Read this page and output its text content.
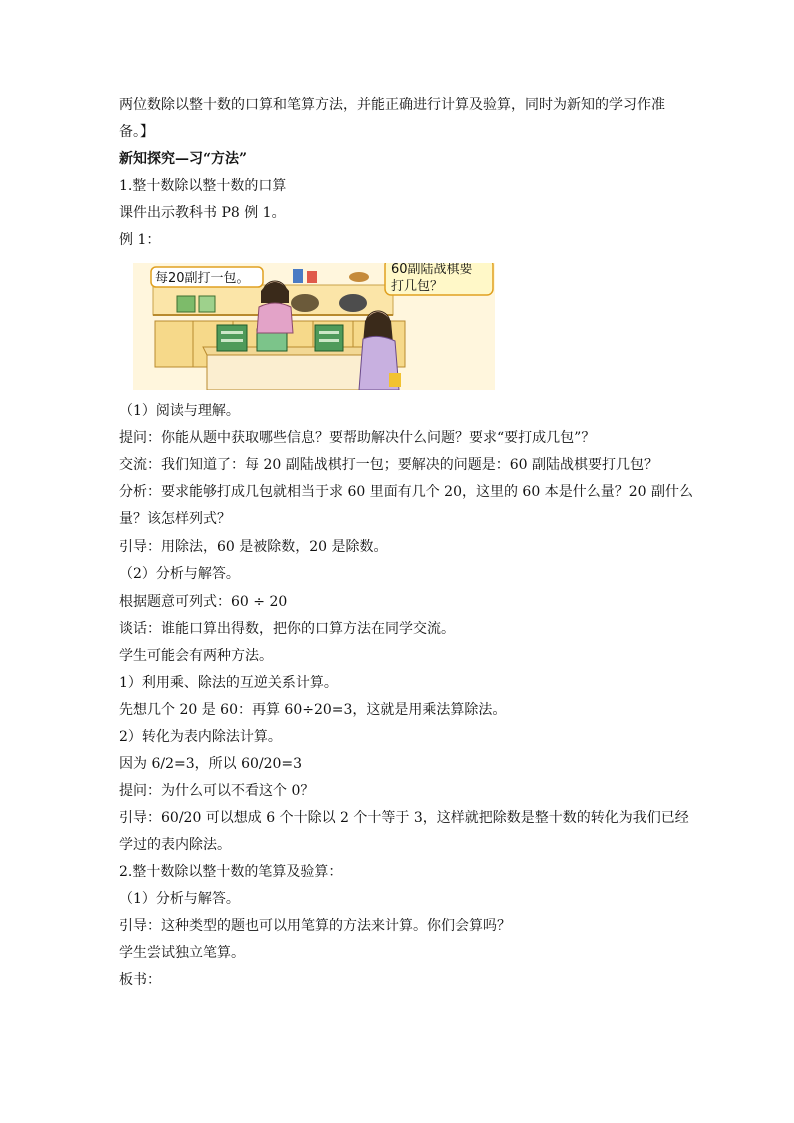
两位数除以整十数的口算和笔算方法，并能正确进行计算及验算，同时为新知的学习作准
备。】
新知探究—习“方法”
1.整十数除以整十数的口算
课件出示教科书 P8 例 1。
例 1：
每20副打一包。
60副陆战棋要
打几包？
（1）阅读与理解。
提问：你能从题中获取哪些信息？要帮助解决什么问题？要求“要打成几包”？
交流：我们知道了：每 20 副陆战棋打一包；要解决的问题是：60 副陆战棋要打几包？
分析：要求能够打成几包就相当于求 60 里面有几个 20，这里的 60 本是什么量？20 副什么
量？该怎样列式？
引导：用除法，60 是被除数，20 是除数。
（2）分析与解答。
根据题意可列式：60 ÷ 20
谈话：谁能口算出得数，把你的口算方法在同学交流。
学生可能会有两种方法。
1）利用乘、除法的互逆关系计算。
先想几个 20 是 60：再算 60÷20=3，这就是用乘法算除法。
2）转化为表内除法计算。
因为 6/2=3，所以 60/20=3
提问：为什么可以不看这个 0？
引导：60/20 可以想成 6 个十除以 2 个十等于 3，这样就把除数是整十数的转化为我们已经
学过的表内除法。
2.整十数除以整十数的笔算及验算：
（1）分析与解答。
引导：这种类型的题也可以用笔算的方法来计算。你们会算吗？
学生尝试独立笔算。
板书：
